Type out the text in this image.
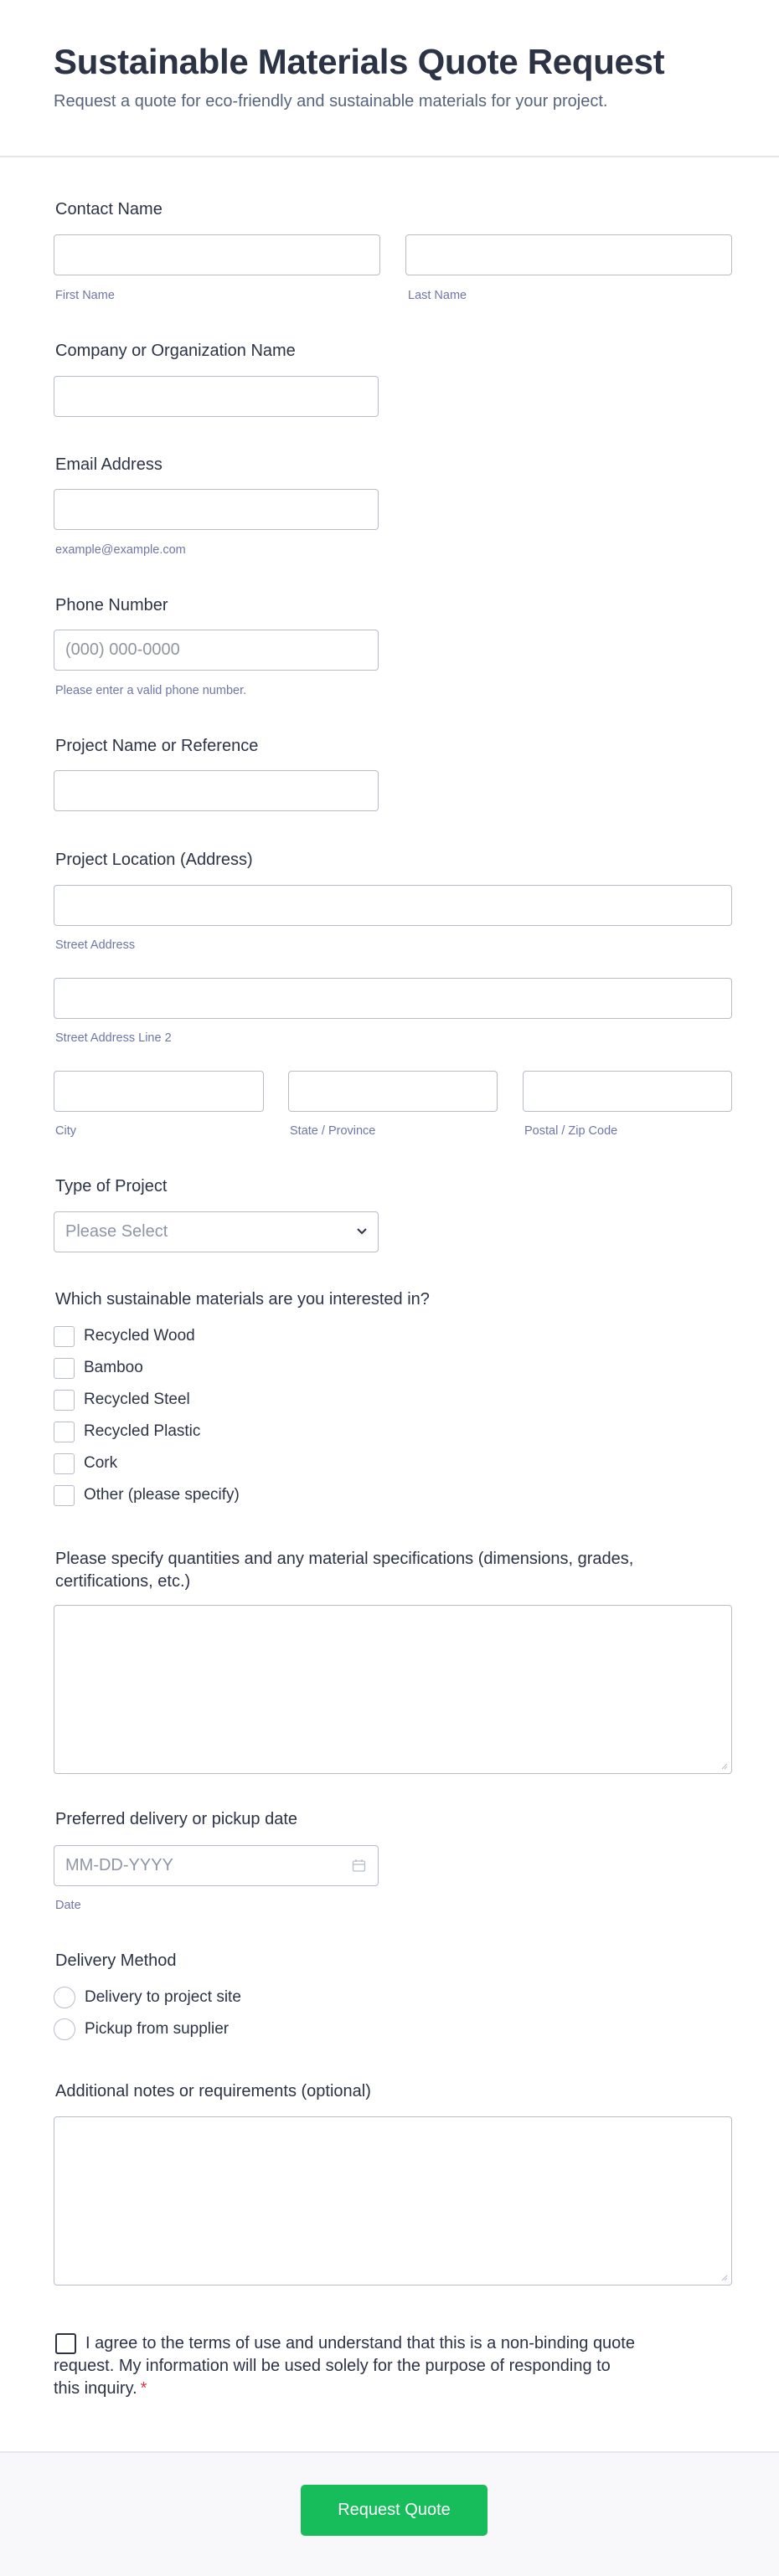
Sustainable Materials Quote Request
Request a quote for eco-friendly and sustainable materials for your project.
Contact Name
First Name	Last Name
Company or Organization Name
Email Address
example@example.com
Phone Number
(000) 000-0000
Please enter a valid phone number.
Project Name or Reference
Project Location (Address)
Street Address
Street Address Line 2
City	State / Province	Postal / Zip Code
Type of Project
Please Select
Which sustainable materials are you interested in?
Recycled Wood
Bamboo
Recycled Steel
Recycled Plastic
Cork
Other (please specify)
Please specify quantities and any material specifications (dimensions, grades, certifications, etc.)
Preferred delivery or pickup date
MM-DD-YYYY
Date
Delivery Method
Delivery to project site
Pickup from supplier
Additional notes or requirements (optional)
I agree to the terms of use and understand that this is a non-binding quote request. My information will be used solely for the purpose of responding to this inquiry. *
Request Quote
